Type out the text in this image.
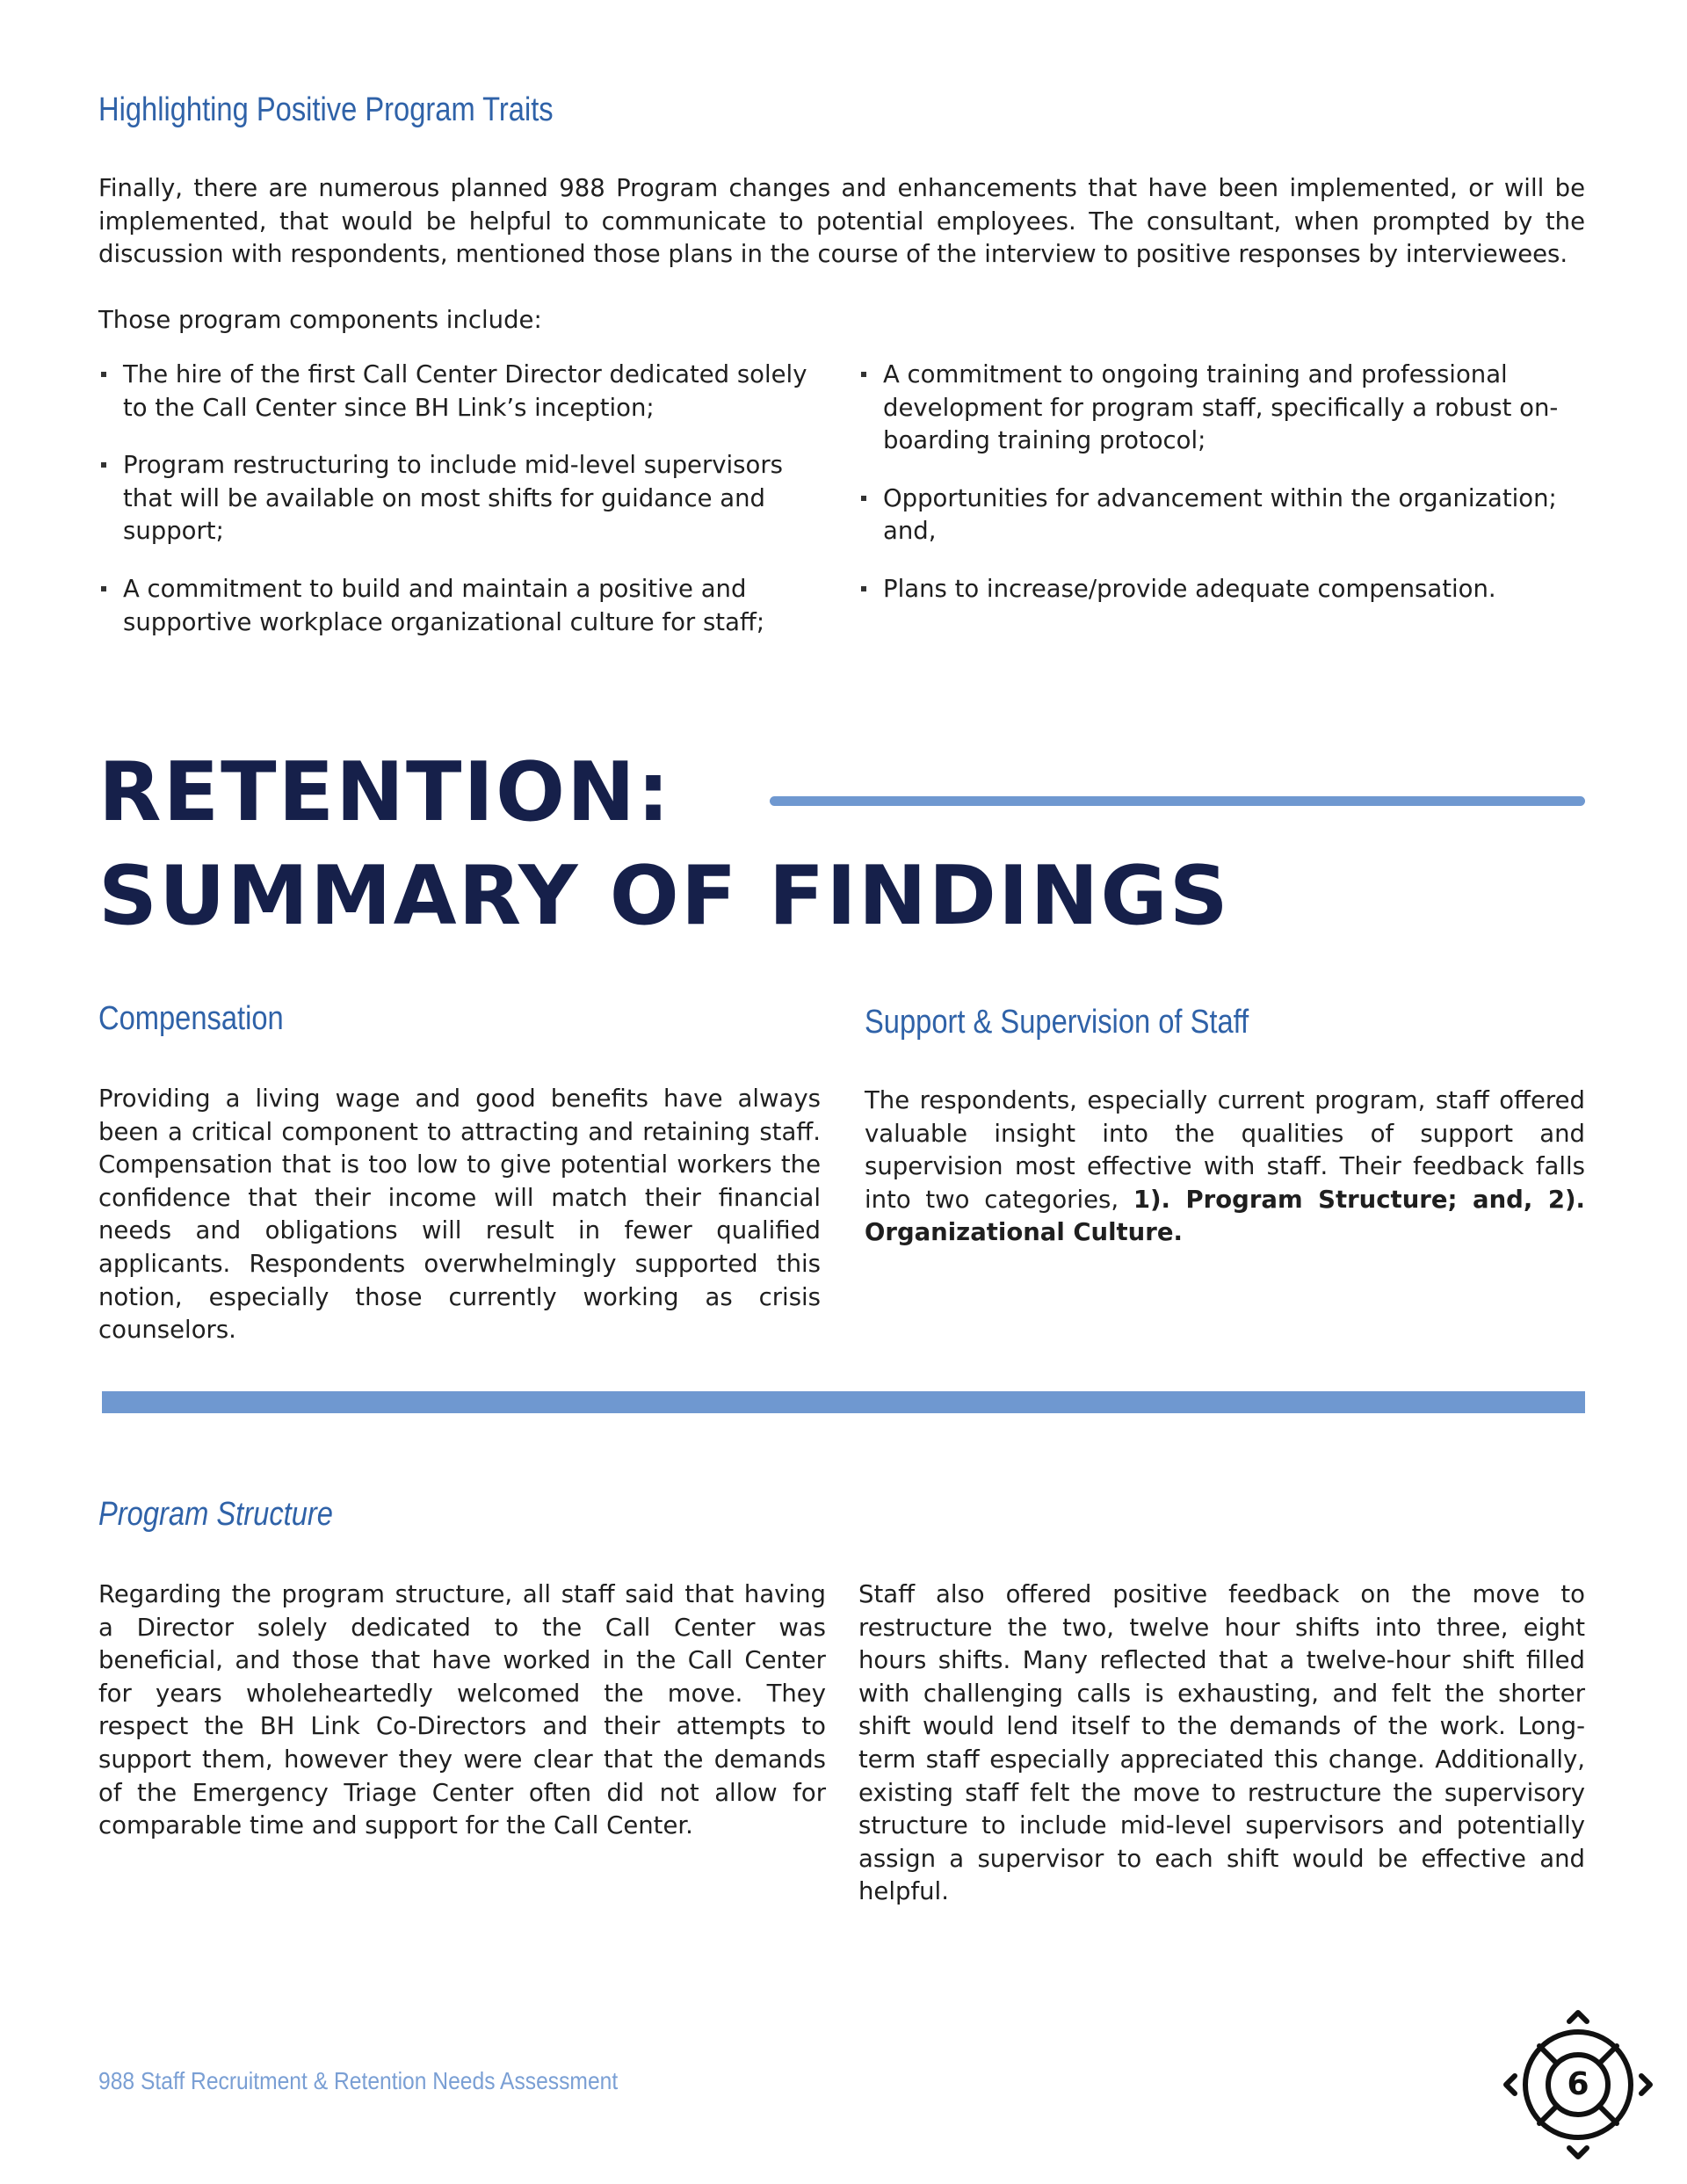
Highlighting Positive Program Traits

Finally, there are numerous planned 988 Program changes and enhancements that have been implemented, or will be implemented, that would be helpful to communicate to potential employees. The consultant, when prompted by the discussion with respondents, mentioned those plans in the course of the interview to positive responses by interviewees.

Those program components include:

The hire of the first Call Center Director dedicated solely to the Call Center since BH Link’s inception;
Program restructuring to include mid-level supervisors that will be available on most shifts for guidance and support;
A commitment to build and maintain a positive and supportive workplace organizational culture for staff;
A commitment to ongoing training and professional development for program staff, specifically a robust on-boarding training protocol;
Opportunities for advancement within the organization; and,
Plans to increase/provide adequate compensation.
RETENTION:
SUMMARY OF FINDINGS
Compensation

Providing a living wage and good benefits have always been a critical component to attracting and retaining staff. Compensation that is too low to give potential workers the confidence that their income will match their financial needs and obligations will result in fewer qualified applicants. Respondents overwhelmingly supported this notion, especially those currently working as crisis counselors.

Support & Supervision of Staff

The respondents, especially current program, staff offered valuable insight into the qualities of support and supervision most effective with staff. Their feedback falls into two categories, 1). Program Structure; and, 2). Organizational Culture.

Program Structure

Regarding the program structure, all staff said that having a Director solely dedicated to the Call Center was beneficial, and those that have worked in the Call Center for years wholeheartedly welcomed the move. They respect the BH Link Co-Directors and their attempts to support them, however they were clear that the demands of the Emergency Triage Center often did not allow for comparable time and support for the Call Center.

Staff also offered positive feedback on the move to restructure the two, twelve hour shifts into three, eight hours shifts. Many reflected that a twelve-hour shift filled with challenging calls is exhausting, and felt the shorter shift would lend itself to the demands of the work. Long-term staff especially appreciated this change. Additionally, existing staff felt the move to restructure the supervisory structure to include mid-level supervisors and potentially assign a supervisor to each shift would be effective and helpful.

988 Staff Recruitment & Retention Needs Assessment	6
